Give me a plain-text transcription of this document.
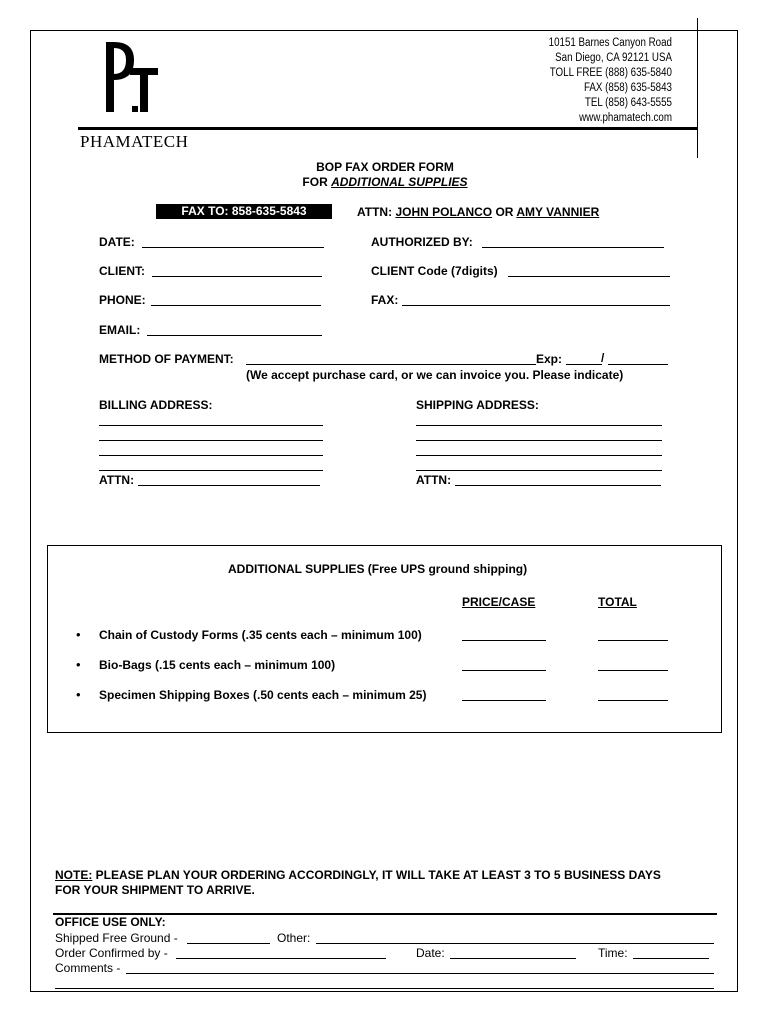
PHAMATECH
10151 Barnes Canyon Road
San Diego, CA 92121 USA
TOLL FREE (888) 635-5840
FAX (858) 635-5843
TEL (858) 643-5555
www.phamatech.com
BOP FAX ORDER FORM
FOR ADDITIONAL SUPPLIES
FAX TO: 858-635-5843	ATTN: JOHN POLANCO OR AMY VANNIER
DATE:	AUTHORIZED BY:
CLIENT:	CLIENT Code (7digits)
PHONE:	FAX:
EMAIL:
METHOD OF PAYMENT:	Exp:	/
(We accept purchase card, or we can invoice you. Please indicate)
BILLING ADDRESS:	SHIPPING ADDRESS:
ATTN:	ATTN:
ADDITIONAL SUPPLIES (Free UPS ground shipping)
PRICE/CASE	TOTAL
• Chain of Custody Forms (.35 cents each – minimum 100)
• Bio-Bags (.15 cents each – minimum 100)
• Specimen Shipping Boxes (.50 cents each – minimum 25)
NOTE: PLEASE PLAN YOUR ORDERING ACCORDINGLY, IT WILL TAKE AT LEAST 3 TO 5 BUSINESS DAYS
FOR YOUR SHIPMENT TO ARRIVE.
OFFICE USE ONLY:
Shipped Free Ground -	Other:
Order Confirmed by -	Date:	Time:
Comments -
